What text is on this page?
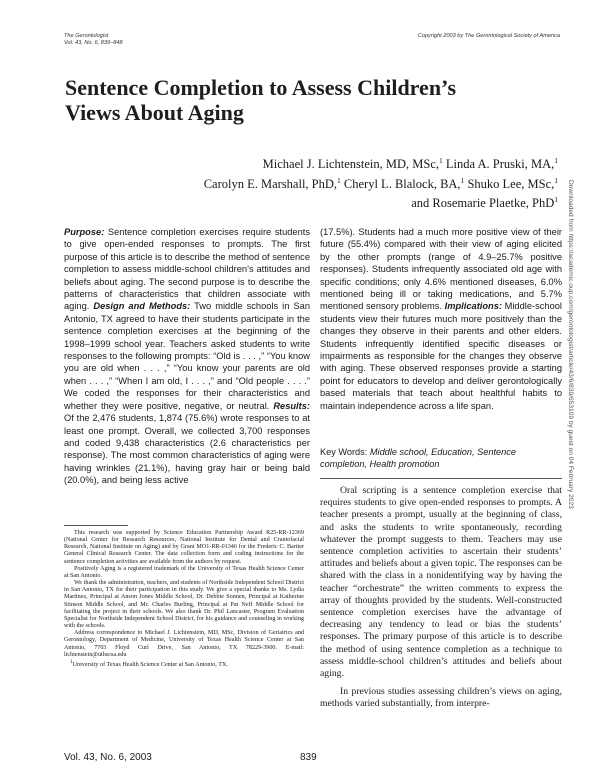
The Gerontologist
Vol. 43, No. 6, 839–848
Copyright 2003 by The Gerontological Society of America
Sentence Completion to Assess Children’s
Views About Aging
Michael J. Lichtenstein, MD, MSc,$^1$ Linda A. Pruski, MA,$^1$
Carolyn E. Marshall, PhD,$^1$ Cheryl L. Blalock, BA,$^1$ Shuko Lee, MSc,$^1$
and Rosemarie Plaetke, PhD$^1$
Purpose: Sentence completion exercises require students to give open-ended responses to prompts. The first purpose of this article is to describe the method of sentence completion to assess middle-school children’s attitudes and beliefs about aging. The second purpose is to describe the patterns of characteristics that children associate with aging. Design and Methods: Two middle schools in San Antonio, TX agreed to have their students participate in the sentence completion exercises at the beginning of the 1998–1999 school year. Teachers asked students to write responses to the following prompts: “Old is . . . ,” “You know you are old when . . . ,” “You know your parents are old when . . . ,” “When I am old, I . . . ,” and “Old people . . . .” We coded the responses for their characteristics and whether they were positive, negative, or neutral. Results: Of the 2,476 students, 1,874 (75.6%) wrote responses to at least one prompt. Overall, we collected 3,700 responses and coded 9,438 characteristics (2.6 characteristics per response). The most common characteristics of aging were having wrinkles (21.1%), having gray hair or being bald (20.0%), and being less active
(17.5%). Students had a much more positive view of their future (55.4%) compared with their view of aging elicited by the other prompts (range of 4.9–25.7% positive responses). Students infrequently associated old age with specific conditions; only 4.6% mentioned diseases, 6.0% mentioned being ill or taking medications, and 5.7% mentioned sensory problems. Implications: Middle-school students view their futures much more positively than the changes they observe in their parents and other elders. Students infrequently identified specific diseases or impairments as responsible for the changes they observe with aging. These observed responses provide a starting point for educators to develop and deliver gerontologically based materials that teach about healthful habits to maintain independence across a life span.
Key Words: Middle school, Education, Sentence completion, Health promotion

Oral scripting is a sentence completion exercise that requires students to give open-ended responses to prompts. A teacher presents a prompt, usually at the beginning of class, and asks the students to write spontaneously, recording whatever the prompt suggests to them. Teachers may use sentence completion activities to ascertain their students’ attitudes and beliefs about a given topic. The responses can be shared with the class in a nonidentifying way by having the teacher “orchestrate” the written comments to express the array of thoughts provided by the students. Well-constructed sentence completion exercises have the advantage of decreasing any tendency to lead or bias the students’ responses. The primary purpose of this article is to describe the method of using sentence completion as a technique to assess middle-school children’s attitudes and beliefs about aging.

In previous studies assessing children’s views on aging, methods varied substantially, from interpre-

This research was supported by Science Education Partnership Award R25-RR-12369 (National Center for Research Resources, National Institute for Dental and Craniofacial Research, National Institute on Aging) and by Grant MO1-RR-01346 for the Frederic C. Bartter General Clinical Research Center. The data collection form and coding instructions for the sentence completion activities are available from the authors by request.

Positively Aging is a registered trademark of the University of Texas Health Science Center at San Antonio.

We thank the administration, teachers, and students of Northside Independent School District in San Antonio, TX for their participation in this study. We give a special thanks to Ms. Lydia Martinez, Principal at Anson Jones Middle School, Dr. Debbie Sonnen, Principal at Katherine Stinson Middle School, and Mr. Charles Burling, Principal at Pat Neff Middle School for facilitating the project in their schools. We also thank Dr. Phil Lancaster, Program Evaluation Specialist for Northside Independent School District, for his guidance and counseling in working with the schools.

Address correspondence to Michael J. Lichtenstein, MD, MSc, Division of Geriatrics and Gerontology, Department of Medicine, University of Texas Health Science Center at San Antonio, 7703 Floyd Curl Drive, San Antonio, TX 78229-3900. E-mail: lichtenstein@uthscsa.edu

$^1$University of Texas Health Science Center at San Antonio, TX.

Vol. 43, No. 6, 2003	839
Downloaded from https://academic.oup.com/gerontologist/article/43/6/839/653109 by guest on 04 February 2023
